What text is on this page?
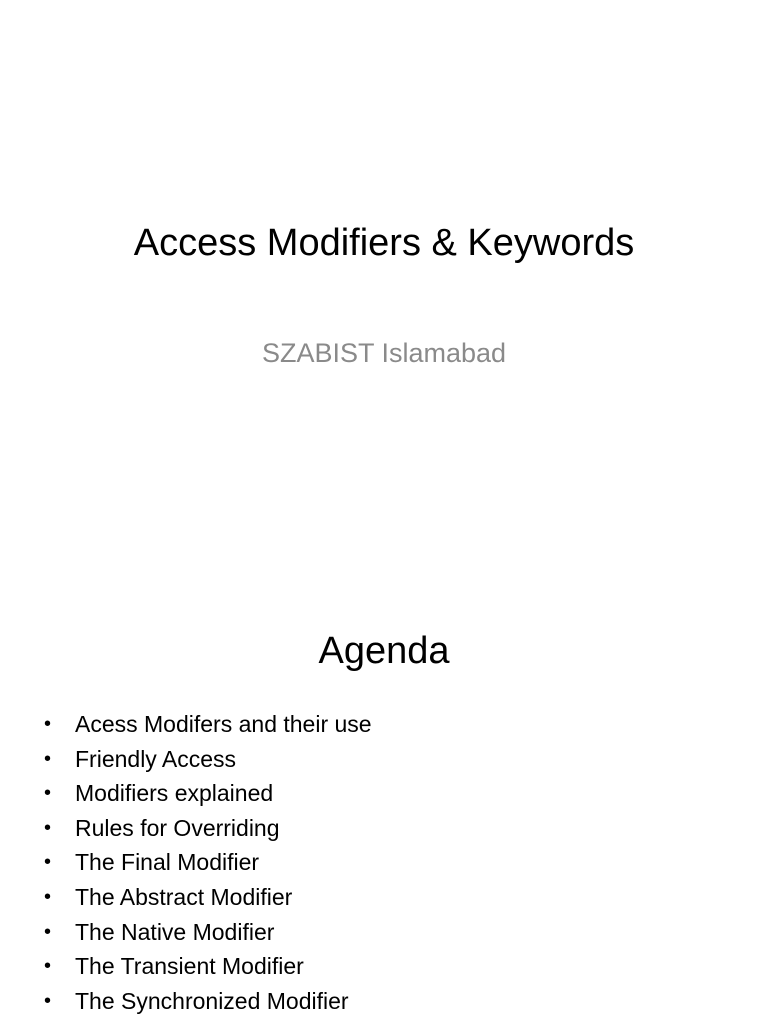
Access Modifiers & Keywords

SZABIST Islamabad

Agenda
• Acess Modifers and their use
• Friendly Access
• Modifiers explained
• Rules for Overriding
• The Final Modifier
• The Abstract Modifier
• The Native Modifier
• The Transient Modifier
• The Synchronized Modifier
